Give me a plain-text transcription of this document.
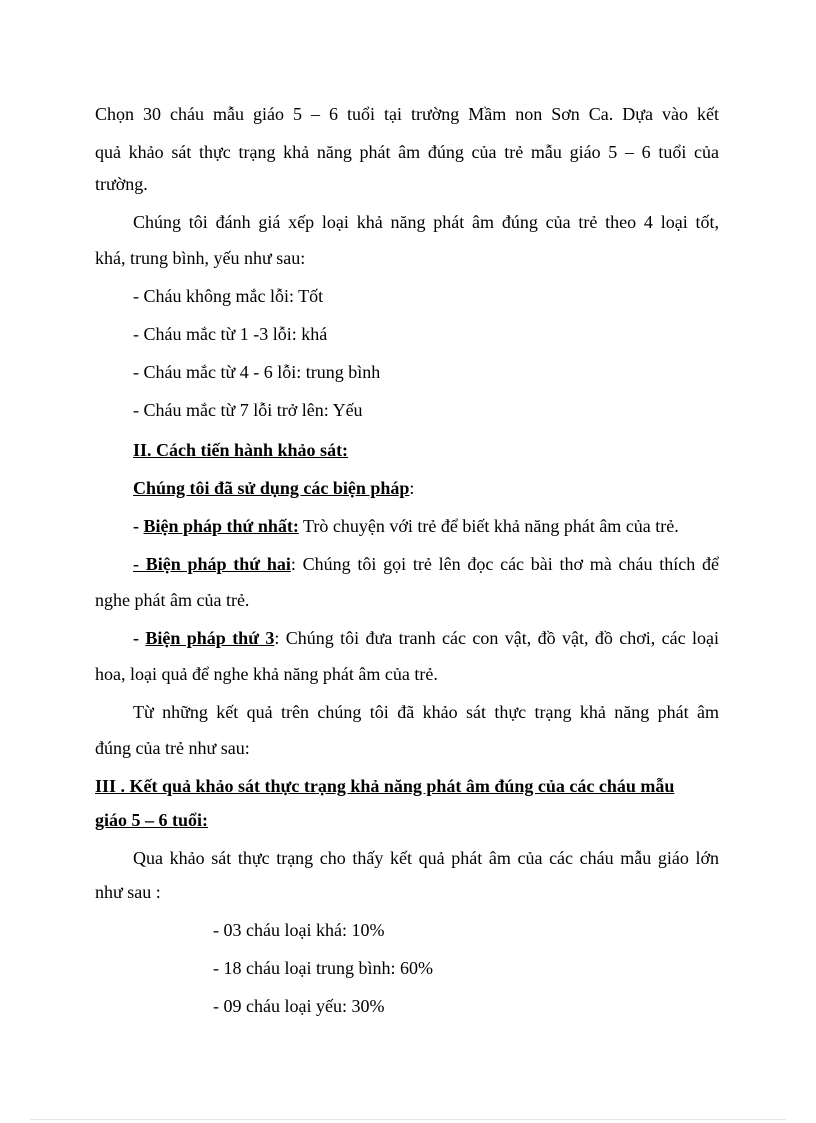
Chọn 30 cháu mẫu giáo 5 – 6 tuổi tại trường Mầm non Sơn Ca. Dựa vào kết
quả khảo sát thực trạng khả năng phát âm đúng của trẻ mẫu giáo 5 – 6 tuổi của
trường.
Chúng tôi đánh giá xếp loại khả năng phát âm đúng của trẻ theo 4 loại tốt,
khá, trung bình, yếu như sau:
- Cháu không mắc lỗi: Tốt
- Cháu mắc từ 1 -3 lỗi: khá
- Cháu mắc từ 4 - 6 lỗi: trung bình
- Cháu mắc từ 7 lỗi trở lên: Yếu
II. Cách tiến hành khảo sát:
Chúng tôi đã sử dụng các biện pháp:
- Biện pháp thứ nhất: Trò chuyện với trẻ để biết khả năng phát âm của trẻ.
- Biện pháp thứ hai: Chúng tôi gọi trẻ lên đọc các bài thơ mà cháu thích để
nghe phát âm của trẻ.
- Biện pháp thứ 3: Chúng tôi đưa tranh các con vật, đồ vật, đồ chơi, các loại
hoa, loại quả để nghe khả năng phát âm của trẻ.
Từ những kết quả trên chúng tôi đã khảo sát thực trạng khả năng phát âm
đúng của trẻ như sau:
III . Kết quả khảo sát thực trạng khả năng phát âm đúng của các cháu mẫu
giáo 5 – 6 tuổi:
Qua khảo sát thực trạng cho thấy kết quả phát âm của các cháu mẫu giáo lớn
như sau :
- 03 cháu loại khá: 10%
- 18 cháu loại trung bình: 60%
- 09 cháu loại yếu: 30%
